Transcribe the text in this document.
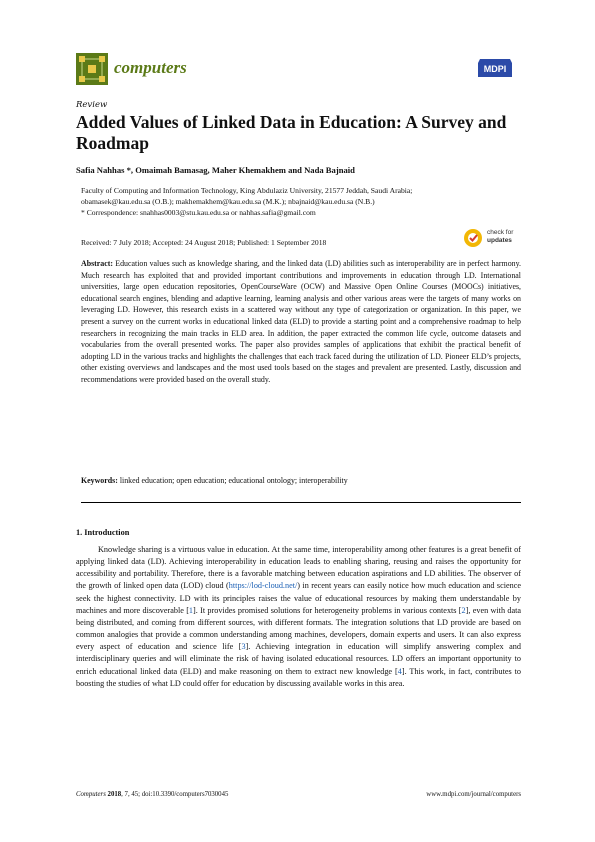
computers	MDPI
Review
Added Values of Linked Data in Education: A Survey and Roadmap
Safia Nahhas *, Omaimah Bamasag, Maher Khemakhem and Nada Bajnaid
Faculty of Computing and Information Technology, King Abdulaziz University, 21577 Jeddah, Saudi Arabia;
obamasek@kau.edu.sa (O.B.); makhemakhem@kau.edu.sa (M.K.); nbajnaid@kau.edu.sa (N.B.)
* Correspondence: snahhas0003@stu.kau.edu.sa or nahhas.safia@gmail.com
Received: 7 July 2018; Accepted: 24 August 2018; Published: 1 September 2018
check for
updates
Abstract: Education values such as knowledge sharing, and the linked data (LD) abilities such as interoperability are in perfect harmony. Much research has exploited that and provided important contributions and improvements in education through LD. International universities, large open education repositories, OpenCourseWare (OCW) and Massive Open Online Courses (MOOCs) initiatives, educational search engines, blending and adaptive learning, learning analysis and other various areas were the targets of many works on leveraging LD. However, this research exists in a scattered way without any type of categorization or organization. In this paper, we present a survey on the current works in educational linked data (ELD) to provide a starting point and a comprehensive roadmap to help researchers in recognizing the main tracks in ELD area. In addition, the paper extracted the common life cycle, outcome datasets and vocabularies from the overall presented works. The paper also provides samples of applications that exhibit the practical benefit of adopting LD in the various tracks and highlights the challenges that each track faced during the utilization of LD. Pioneer ELD’s projects, other existing overviews and landscapes and the most used tools based on the stages and prevalent are presented. Lastly, discussion and recommendations were provided based on the overall study.
Keywords: linked education; open education; educational ontology; interoperability
1. Introduction

Knowledge sharing is a virtuous value in education. At the same time, interoperability among other features is a great benefit of applying linked data (LD). Achieving interoperability in education leads to enabling sharing, reusing and raises the opportunity for accessibility and portability. Therefore, there is a favorable matching between education aspirations and LD abilities. The observer of the growth of linked open data (LOD) cloud (https://lod-cloud.net/) in recent years can easily notice how much education and science seek the highest connectivity. LD with its principles raises the value of educational resources by making them understandable by machines and more discoverable [1]. It provides promised solutions for heterogeneity problems in various contexts [2], even with data being distributed, and coming from different sources, with different formats. The integration solutions that LD provide are based on common analogies that provide a common understanding among machines, developers, domain experts and users. It can also express every aspect of education and science life [3]. Achieving integration in education will simplify answering complex and interdisciplinary queries and will eliminate the risk of having isolated educational resources. LD offers an important opportunity to enrich educational linked data (ELD) and make reasoning on them to extract new knowledge [4]. This work, in fact, contributes to boosting the studies of what LD could offer for education by discussing available works in this area.

Computers 2018, 7, 45; doi:10.3390/computers7030045	www.mdpi.com/journal/computers
